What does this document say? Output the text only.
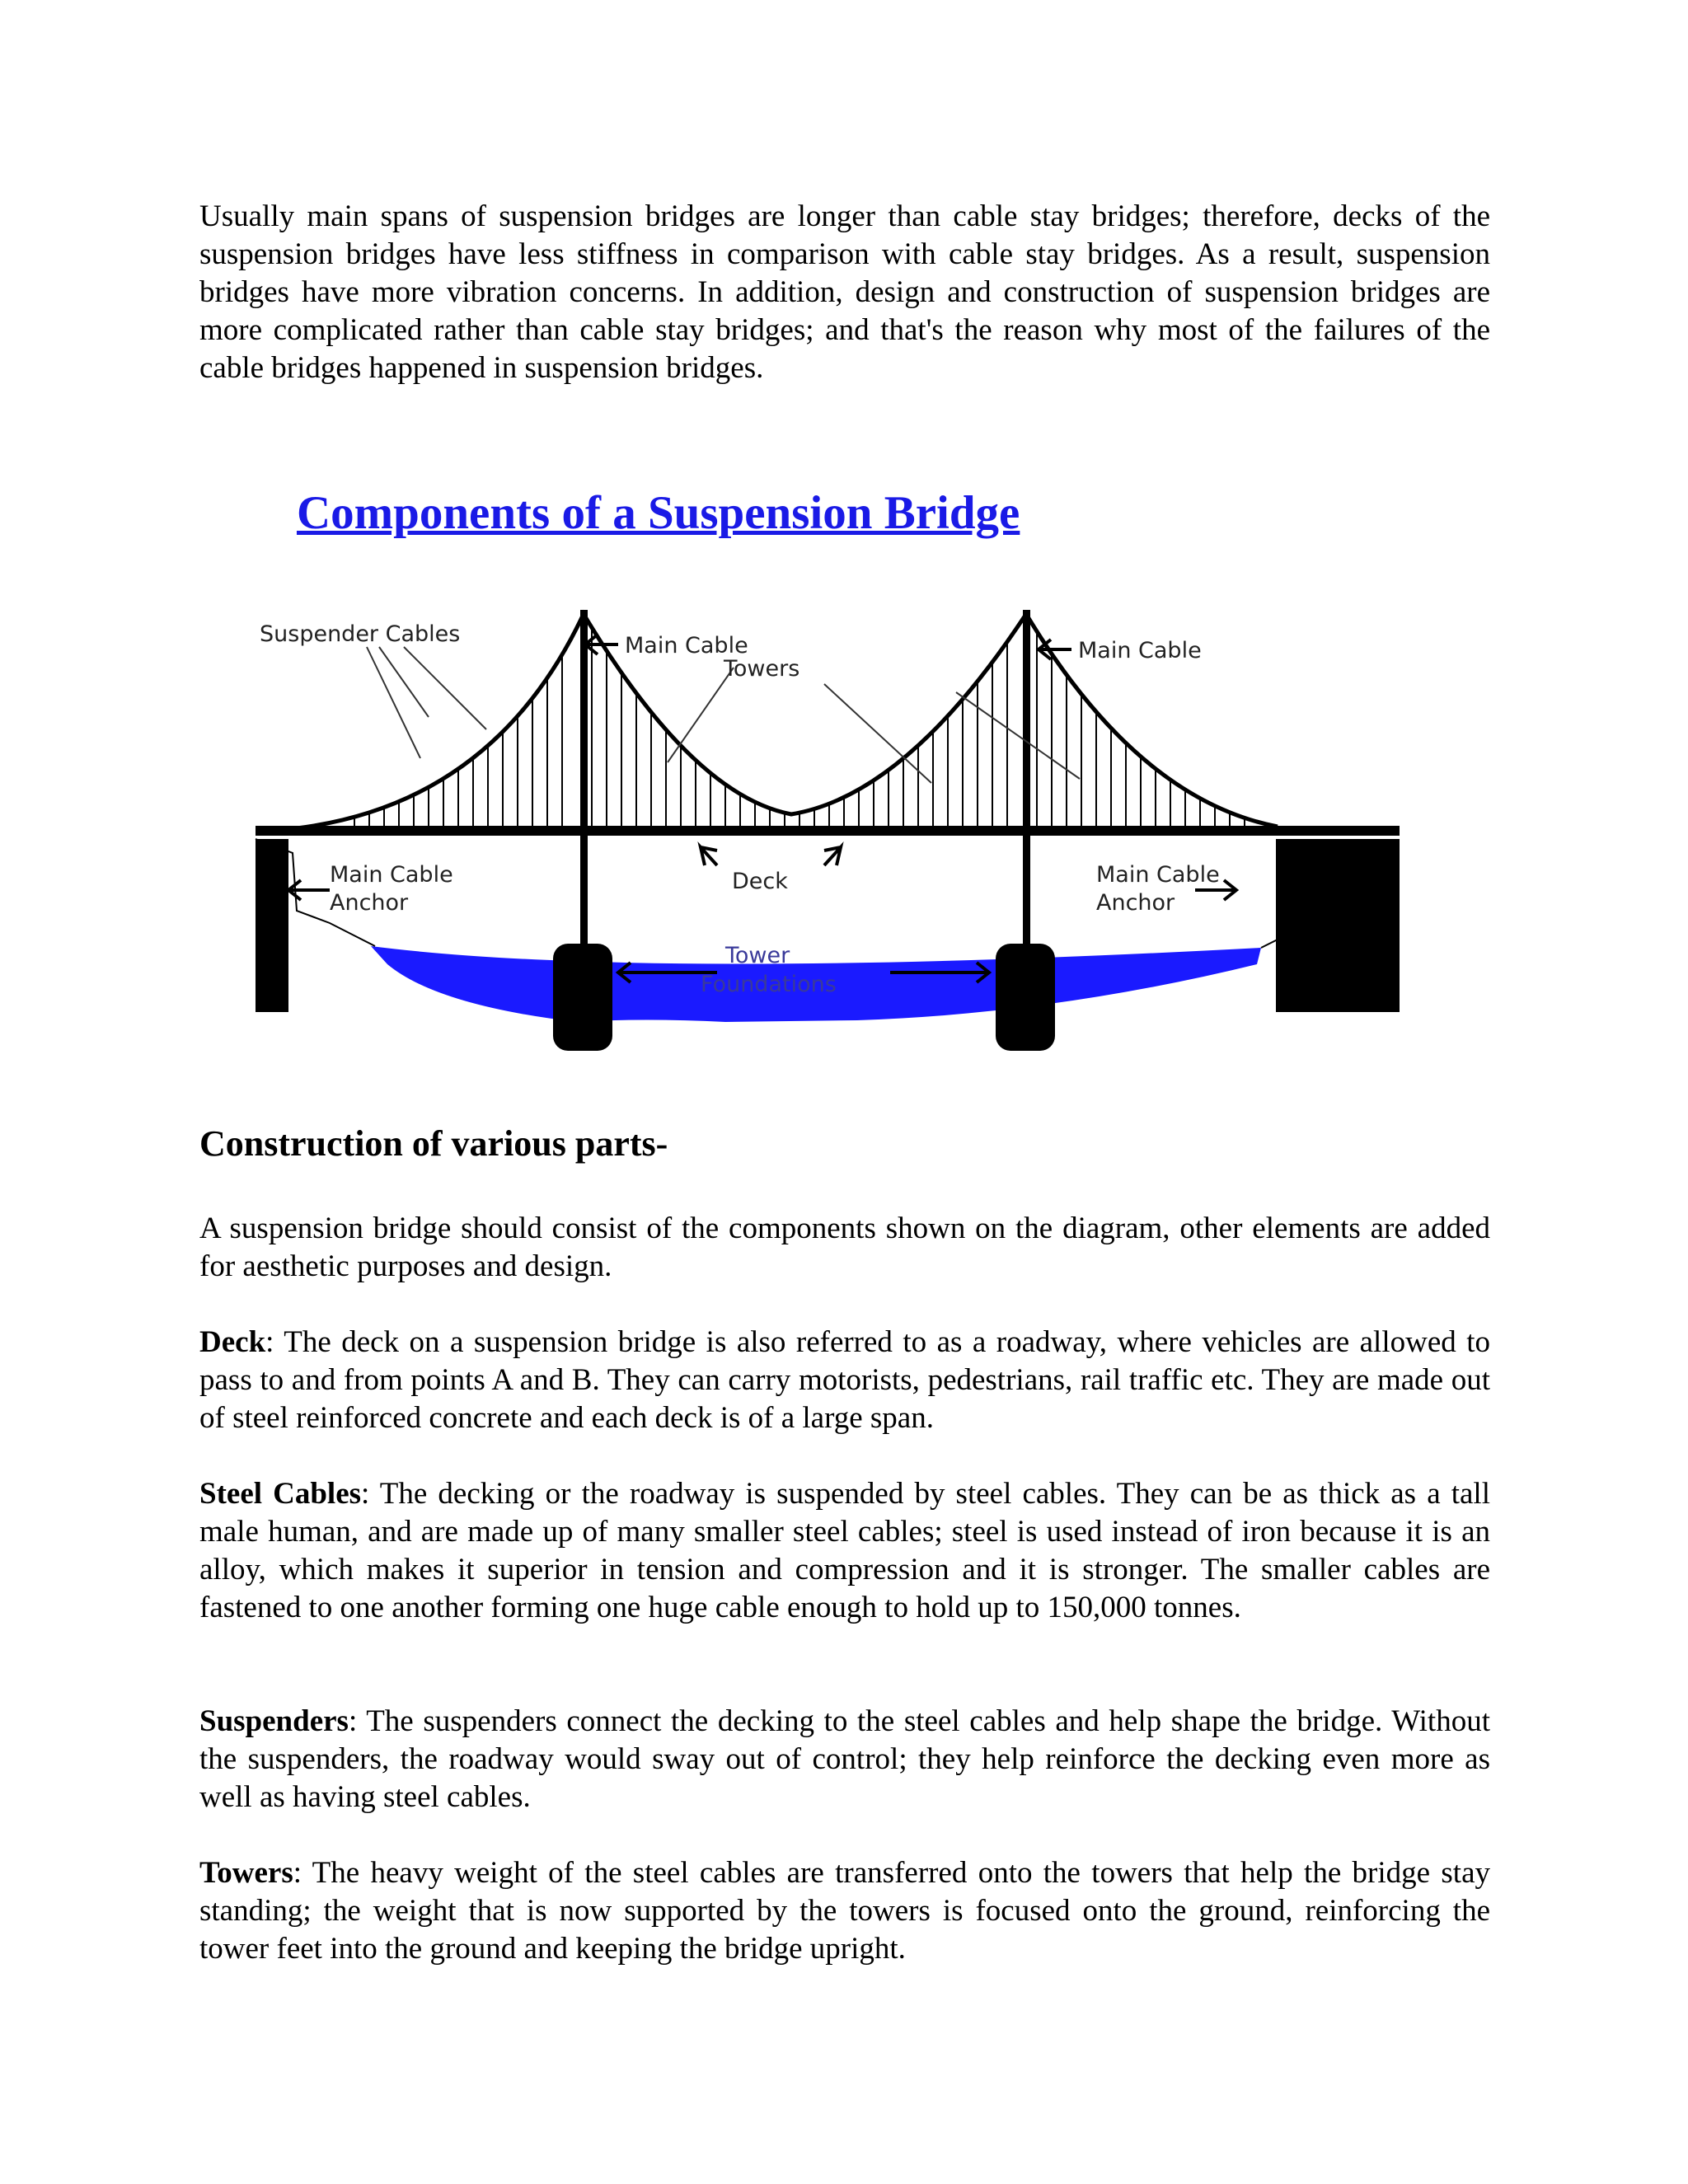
Usually main spans of suspension bridges are longer than cable stay bridges; therefore, decks of the suspension bridges have less stiffness in comparison with cable stay bridges. As a result, suspension bridges have more vibration concerns. In addition, design and construction of suspension bridges are more complicated rather than cable stay bridges; and that's the reason why most of the failures of the cable bridges happened in suspension bridges.

Components of a Suspension Bridge
Suspender Cables	Main Cable
Towers
Main Cable
Main Cable
Anchor
Deck	Main Cable
Anchor
Tower
Foundations
Construction of various parts-

A suspension bridge should consist of the components shown on the diagram, other elements are added for aesthetic purposes and design.

Deck: The deck on a suspension bridge is also referred to as a roadway, where vehicles are allowed to pass to and from points A and B. They can carry motorists, pedestrians, rail traffic etc. They are made out of steel reinforced concrete and each deck is of a large span.

Steel Cables: The decking or the roadway is suspended by steel cables. They can be as thick as a tall male human, and are made up of many smaller steel cables; steel is used instead of iron because it is an alloy, which makes it superior in tension and compression and it is stronger. The smaller cables are fastened to one another forming one huge cable enough to hold up to 150,000 tonnes.

Suspenders: The suspenders connect the decking to the steel cables and help shape the bridge. Without the suspenders, the roadway would sway out of control; they help reinforce the decking even more as well as having steel cables.

Towers: The heavy weight of the steel cables are transferred onto the towers that help the bridge stay standing; the weight that is now supported by the towers is focused onto the ground, reinforcing the tower feet into the ground and keeping the bridge upright.
